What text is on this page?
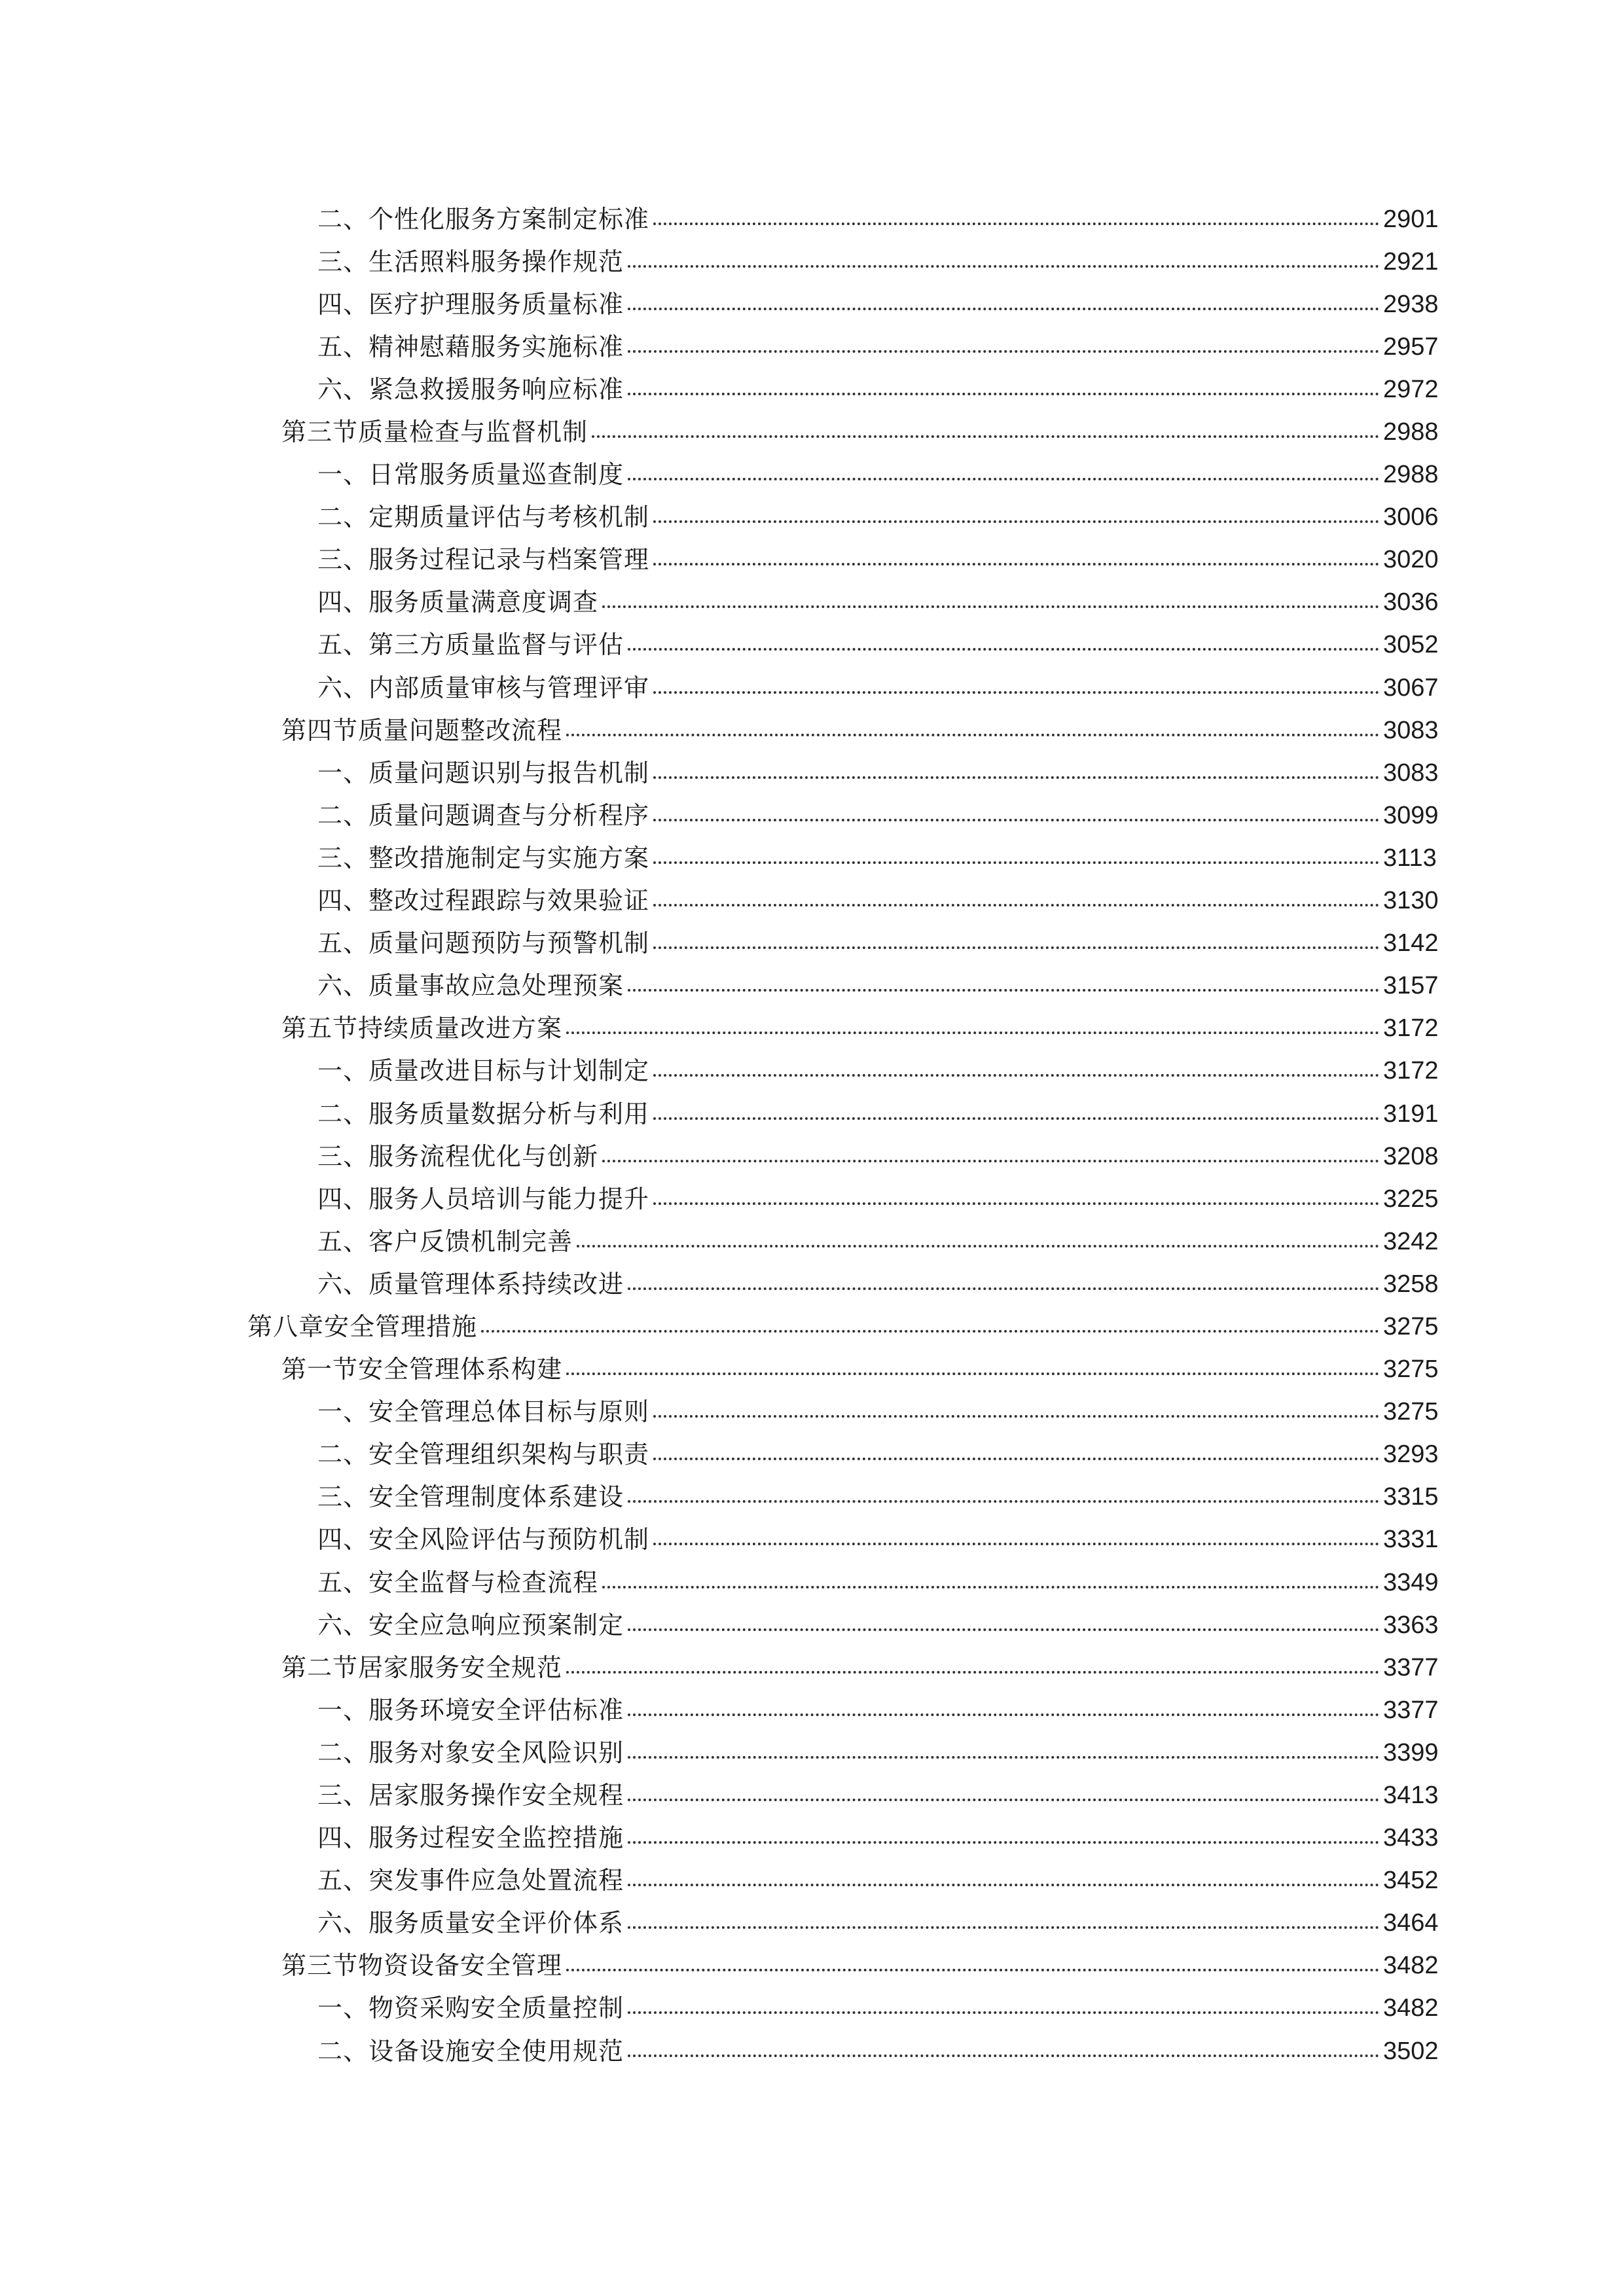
二、个性化服务方案制定标准	2901
三、生活照料服务操作规范	2921
四、医疗护理服务质量标准	2938
五、精神慰藉服务实施标准	2957
六、紧急救援服务响应标准	2972
第三节质量检查与监督机制	2988
一、日常服务质量巡查制度	2988
二、定期质量评估与考核机制	3006
三、服务过程记录与档案管理	3020
四、服务质量满意度调查	3036
五、第三方质量监督与评估	3052
六、内部质量审核与管理评审	3067
第四节质量问题整改流程	3083
一、质量问题识别与报告机制	3083
二、质量问题调查与分析程序	3099
三、整改措施制定与实施方案	3113
四、整改过程跟踪与效果验证	3130
五、质量问题预防与预警机制	3142
六、质量事故应急处理预案	3157
第五节持续质量改进方案	3172
一、质量改进目标与计划制定	3172
二、服务质量数据分析与利用	3191
三、服务流程优化与创新	3208
四、服务人员培训与能力提升	3225
五、客户反馈机制完善	3242
六、质量管理体系持续改进	3258
第八章安全管理措施	3275
第一节安全管理体系构建	3275
一、安全管理总体目标与原则	3275
二、安全管理组织架构与职责	3293
三、安全管理制度体系建设	3315
四、安全风险评估与预防机制	3331
五、安全监督与检查流程	3349
六、安全应急响应预案制定	3363
第二节居家服务安全规范	3377
一、服务环境安全评估标准	3377
二、服务对象安全风险识别	3399
三、居家服务操作安全规程	3413
四、服务过程安全监控措施	3433
五、突发事件应急处置流程	3452
六、服务质量安全评价体系	3464
第三节物资设备安全管理	3482
一、物资采购安全质量控制	3482
二、设备设施安全使用规范	3502
